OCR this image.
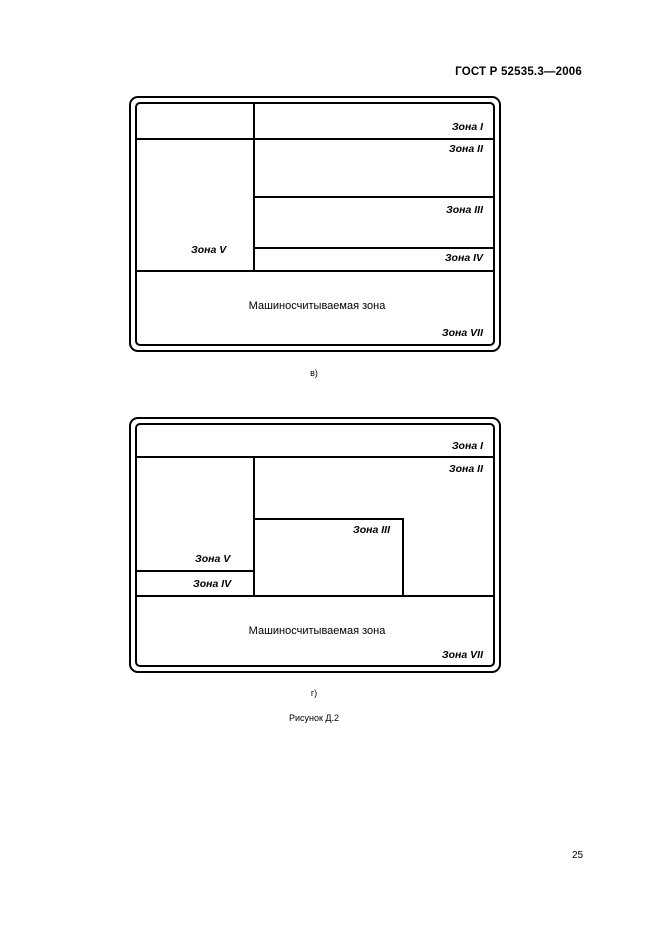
ГОСТ Р 52535.3—2006
Зона I
Зона II
Зона III
Зона IV
Зона V
Машиносчитываемая зона
Зона VII
в)
Зона I
Зона II
Зона III
Зона V
Зона IV
Машиносчитываемая зона
Зона VII
г)
Рисунок Д.2
25
